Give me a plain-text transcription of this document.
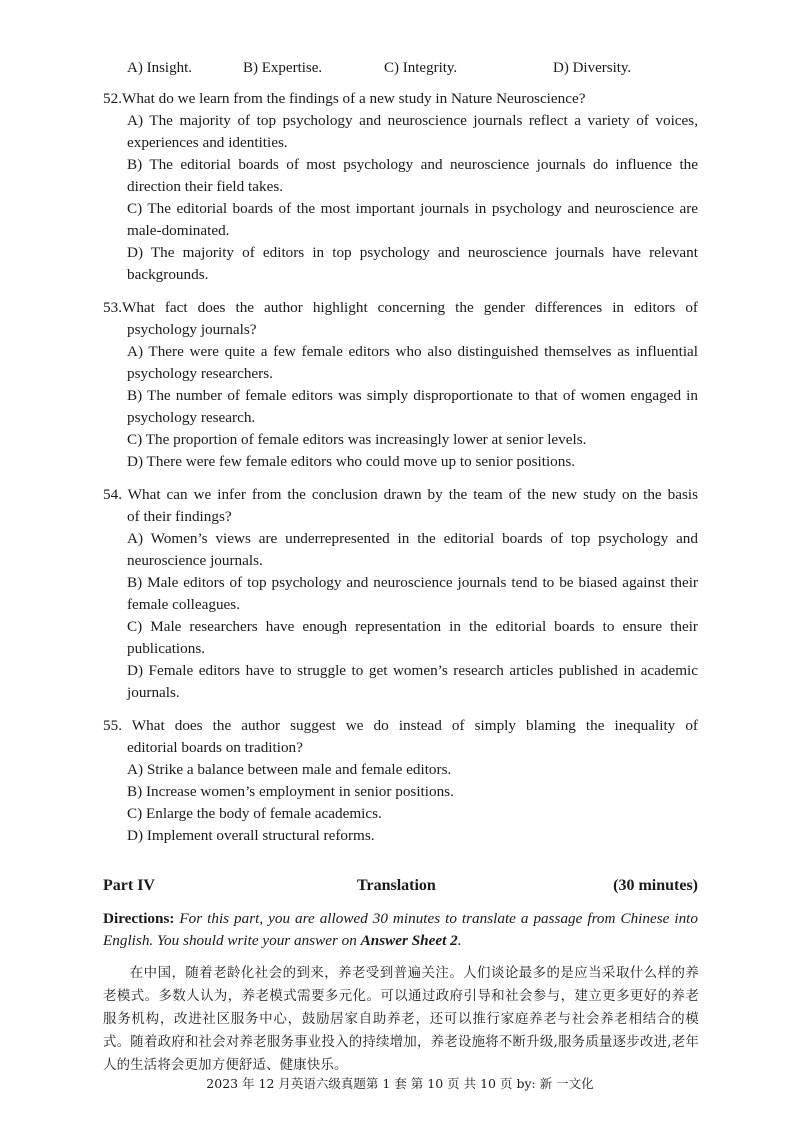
A) Insight.	B) Expertise.	C) Integrity.	D) Diversity.
52.What do we learn from the findings of a new study in Nature Neuroscience?
A) The majority of top psychology and neuroscience journals reflect a variety of voices, experiences and identities.
B) The editorial boards of most psychology and neuroscience journals do influence the direction their field takes.
C) The editorial boards of the most important journals in psychology and neuroscience are male-dominated.
D) The majority of editors in top psychology and neuroscience journals have relevant backgrounds.
53.What fact does the author highlight concerning the gender differences in editors of
psychology journals?
A) There were quite a few female editors who also distinguished themselves as influential psychology researchers.
B) The number of female editors was simply disproportionate to that of women engaged in psychology research.
C) The proportion of female editors was increasingly lower at senior levels.
D) There were few female editors who could move up to senior positions.
54. What can we infer from the conclusion drawn by the team of the new study on the basis
of their findings?
A) Women’s views are underrepresented in the editorial boards of top psychology and neuroscience journals.
B) Male editors of top psychology and neuroscience journals tend to be biased against their female colleagues.
C) Male researchers have enough representation in the editorial boards to ensure their publications.
D) Female editors have to struggle to get women’s research articles published in academic journals.
55. What does the author suggest we do instead of simply blaming the inequality of
editorial boards on tradition?
A) Strike a balance between male and female editors.
B) Increase women’s employment in senior positions.
C) Enlarge the body of female academics.
D) Implement overall structural reforms.
Part IV	Translation	(30 minutes)
Directions: For this part, you are allowed 30 minutes to translate a passage from Chinese into English. You should write your answer on Answer Sheet 2.
在中国，随着老龄化社会的到来，养老受到普遍关注。人们谈论最多的是应当采取什么样的养老模式。多数人认为，养老模式需要多元化。可以通过政府引导和社会参与，建立更多更好的养老服务机构，改进社区服务中心，鼓励居家自助养老，还可以推行家庭养老与社会养老相结合的模式。随着政府和社会对养老服务事业投入的持续增加，养老设施将不断升级,服务质量逐步改进,老年人的生活将会更加方便舒适、健康快乐。
2023 年 12 月英语六级真题第 1 套 第 10 页 共 10 页 by: 新 一文化
